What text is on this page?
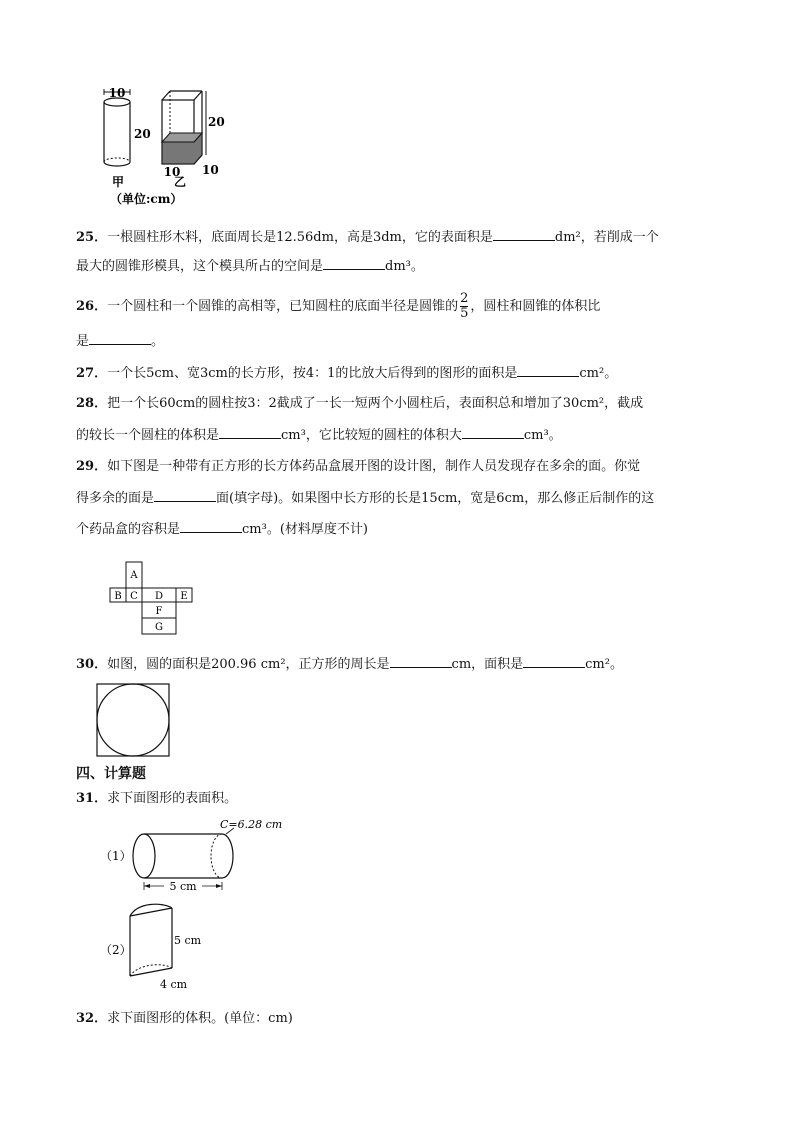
10
20
甲
20
10 10
乙
（单位:cm）
25．一根圆柱形木料，底面周长是12.56dm，高是3dm，它的表面积是	dm²，若削成一个
最大的圆锥形模具，这个模具所占的空间是	dm³。
26．一个圆柱和一个圆锥的高相等，已知圆柱的底面半径是圆锥的 $\frac{2}{5}$ ，圆柱和圆锥的体积比
是	。
27．一个长5cm、宽3cm的长方形，按4：1的比放大后得到的图形的面积是	cm²。
28．把一个长60cm的圆柱按3：2截成了一长一短两个小圆柱后，表面积总和增加了30cm²，截成
的较长一个圆柱的体积是	cm³，它比较短的圆柱的体积大	cm³。
29．如下图是一种带有正方形的长方体药品盒展开图的设计图，制作人员发现存在多余的面。你觉
得多余的面是	面(填字母)。如果图中长方形的长是15cm，宽是6cm，那么修正后制作的这
个药品盒的容积是	cm³。(材料厚度不计)
A
B C D E
F
G
30．如图，圆的面积是200.96 cm²，正方形的周长是	cm，面积是	cm²。
四、计算题
31．求下面图形的表面积。
（1）
C=6.28 cm
5 cm
（2）
5 cm
4 cm
32．求下面图形的体积。(单位：cm)
